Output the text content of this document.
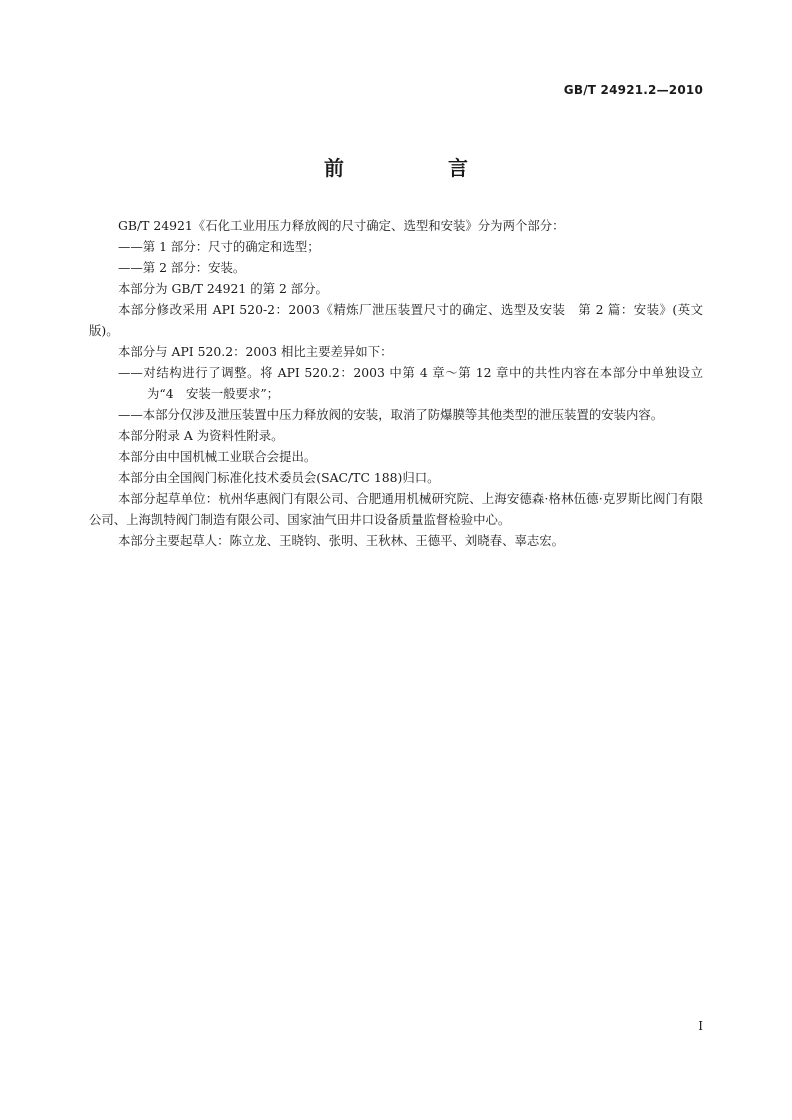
GB/T 24921.2—2010
前　言

GB/T 24921《石化工业用压力释放阀的尺寸确定、选型和安装》分为两个部分：

——第 1 部分：尺寸的确定和选型；

——第 2 部分：安装。

本部分为 GB/T 24921 的第 2 部分。

本部分修改采用 API 520-2：2003《精炼厂泄压装置尺寸的确定、选型及安装　第 2 篇：安装》(英文版)。

本部分与 API 520.2：2003 相比主要差异如下：

——对结构进行了调整。将 API 520.2：2003 中第 4 章～第 12 章中的共性内容在本部分中单独设立为“4　安装一般要求”；

——本部分仅涉及泄压装置中压力释放阀的安装，取消了防爆膜等其他类型的泄压装置的安装内容。

本部分附录 A 为资料性附录。

本部分由中国机械工业联合会提出。

本部分由全国阀门标准化技术委员会(SAC/TC 188)归口。

本部分起草单位：杭州华惠阀门有限公司、合肥通用机械研究院、上海安德森·格林伍德·克罗斯比阀门有限公司、上海凯特阀门制造有限公司、国家油气田井口设备质量监督检验中心。

本部分主要起草人：陈立龙、王晓钧、张明、王秋林、王德平、刘晓春、辜志宏。

I
